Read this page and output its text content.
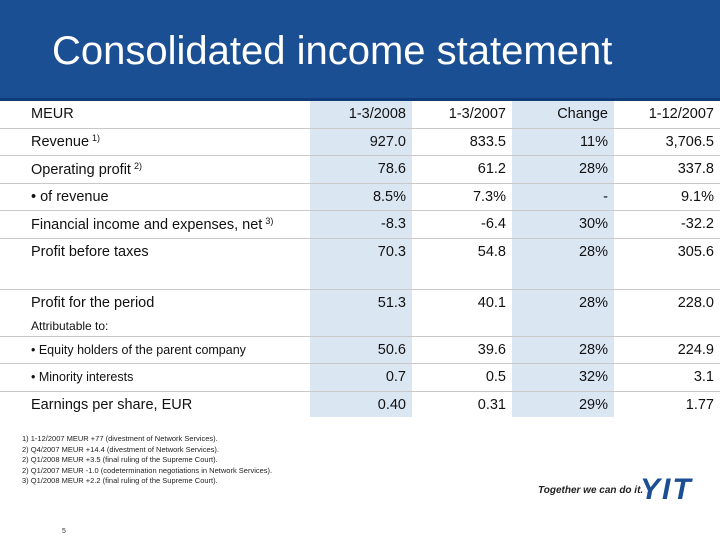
Consolidated income statement
MEUR	1-3/2008	1-3/2007	Change	1-12/2007
Revenue $^{1)}$	927.0	833.5	11%	3,706.5
Operating profit $^{2)}$	78.6	61.2	28%	337.8
• of revenue	8.5%	7.3%	-	9.1%
Financial income and expenses, net $^{3)}$	-8.3	-6.4	30%	-32.2
Profit before taxes	70.3	54.8	28%	305.6

Profit for the period	51.3	40.1	28%	228.0
Attributable to:				
• Equity holders of the parent company	50.6	39.6	28%	224.9
• Minority interests	0.7	0.5	32%	3.1
Earnings per share, EUR	0.40	0.31	29%	1.77
1) 1-12/2007 MEUR +77 (divestment of Network Services).
2) Q4/2007 MEUR +14.4 (divestment of Network Services).
2) Q1/2008 MEUR +3.5 (final ruling of the Supreme Court).
2) Q1/2007 MEUR -1.0 (codetermination negotiations in Network Services).
3) Q1/2008 MEUR +2.2 (final ruling of the Supreme Court).
5
Together we can do it.
YIT
